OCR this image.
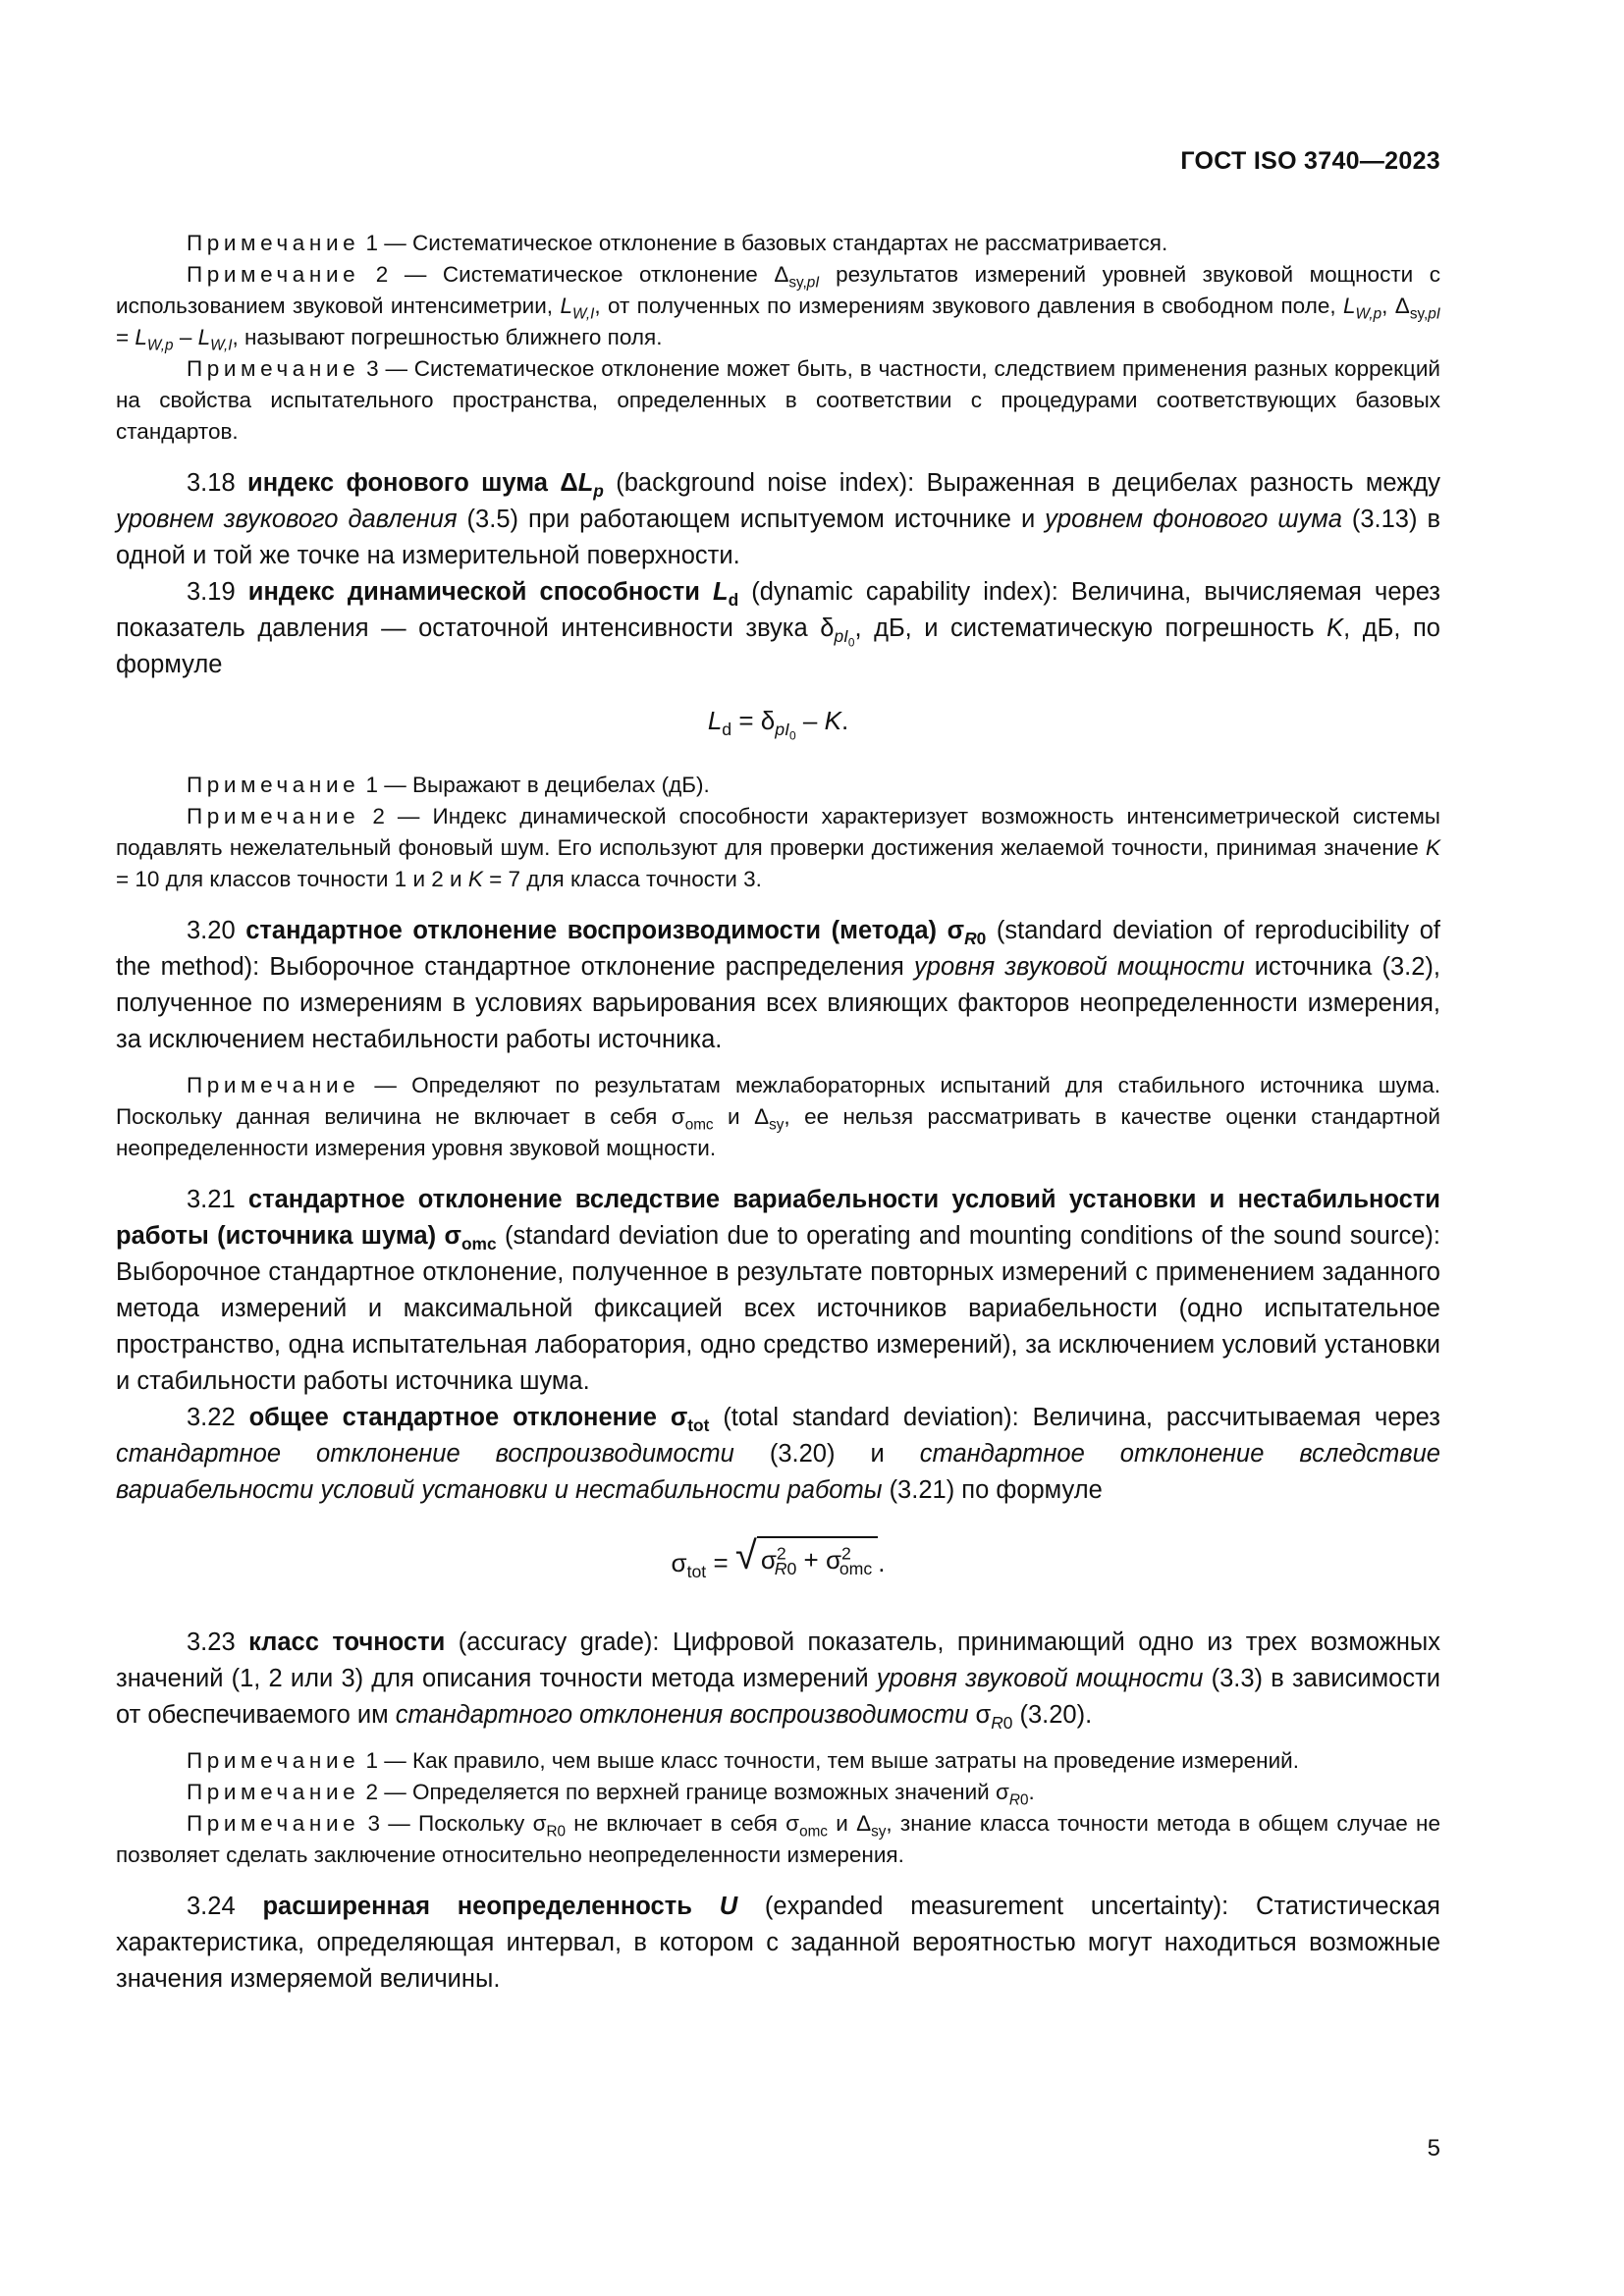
ГОСТ ISO 3740—2023

Примечание 1 — Систематическое отклонение в базовых стандартах не рассматривается.

Примечание 2 — Систематическое отклонение $\Delta_{sy,pI}$ результатов измерений уровней звуковой мощности с использованием звуковой интенсиметрии, $L_{W,I}$, от полученных по измерениям звукового давления в свободном поле, $L_{W,p}$, $\Delta_{sy,pI} = L_{W,p} - L_{W,I}$, называют погрешностью ближнего поля.

Примечание 3 — Систематическое отклонение может быть, в частности, следствием применения разных коррекций на свойства испытательного пространства, определенных в соответствии с процедурами соответствующих базовых стандартов.

3.18 индекс фонового шума $\Delta L_p$ (background noise index): Выраженная в децибелах разность между уровнем звукового давления (3.5) при работающем испытуемом источнике и уровнем фонового шума (3.13) в одной и той же точке на измерительной поверхности.

3.19 индекс динамической способности $L_d$ (dynamic capability index): Величина, вычисляемая через показатель давления — остаточной интенсивности звука $\delta_{pI_0}$, дБ, и систематическую погрешность K, дБ, по формуле

$L_d = \delta_{pI_0} - K$.

Примечание 1 — Выражают в децибелах (дБ).

Примечание 2 — Индекс динамической способности характеризует возможность интенсиметрической системы подавлять нежелательный фоновый шум. Его используют для проверки достижения желаемой точности, принимая значение K = 10 для классов точности 1 и 2 и K = 7 для класса точности 3.

3.20 стандартное отклонение воспроизводимости (метода) $\sigma_{R0}$ (standard deviation of reproducibility of the method): Выборочное стандартное отклонение распределения уровня звуковой мощности источника (3.2), полученное по измерениям в условиях варьирования всех влияющих факторов неопределенности измерения, за исключением нестабильности работы источника.

Примечание — Определяют по результатам межлабораторных испытаний для стабильного источника шума. Поскольку данная величина не включает в себя $\sigma_{omc}$ и $\Delta_{sy}$, ее нельзя рассматривать в качестве оценки стандартной неопределенности измерения уровня звуковой мощности.

3.21 стандартное отклонение вследствие вариабельности условий установки и нестабильности работы (источника шума) $\sigma_{omc}$ (standard deviation due to operating and mounting conditions of the sound source): Выборочное стандартное отклонение, полученное в результате повторных измерений с применением заданного метода измерений и максимальной фиксацией всех источников вариабельности (одно испытательное пространство, одна испытательная лаборатория, одно средство измерений), за исключением условий установки и стабильности работы источника шума.

3.22 общее стандартное отклонение $\sigma_{tot}$ (total standard deviation): Величина, рассчитываемая через стандартное отклонение воспроизводимости (3.20) и стандартное отклонение вследствие вариабельности условий установки и нестабильности работы (3.21) по формуле

$\sigma_{tot}$ = √ $\sigma^2_{R0} + \sigma^2_{omc}$ .

3.23 класс точности (accuracy grade): Цифровой показатель, принимающий одно из трех возможных значений (1, 2 или 3) для описания точности метода измерений уровня звуковой мощности (3.3) в зависимости от обеспечиваемого им стандартного отклонения воспроизводимости $\sigma_{R0}$ (3.20).

Примечание 1 — Как правило, чем выше класс точности, тем выше затраты на проведение измерений.

Примечание 2 — Определяется по верхней границе возможных значений $\sigma_{R0}$.

Примечание 3 — Поскольку $\sigma_{R0}$ не включает в себя $\sigma_{omc}$ и $\Delta_{sy}$, знание класса точности метода в общем случае не позволяет сделать заключение относительно неопределенности измерения.

3.24 расширенная неопределенность U (expanded measurement uncertainty): Статистическая характеристика, определяющая интервал, в котором с заданной вероятностью могут находиться возможные значения измеряемой величины.

5
